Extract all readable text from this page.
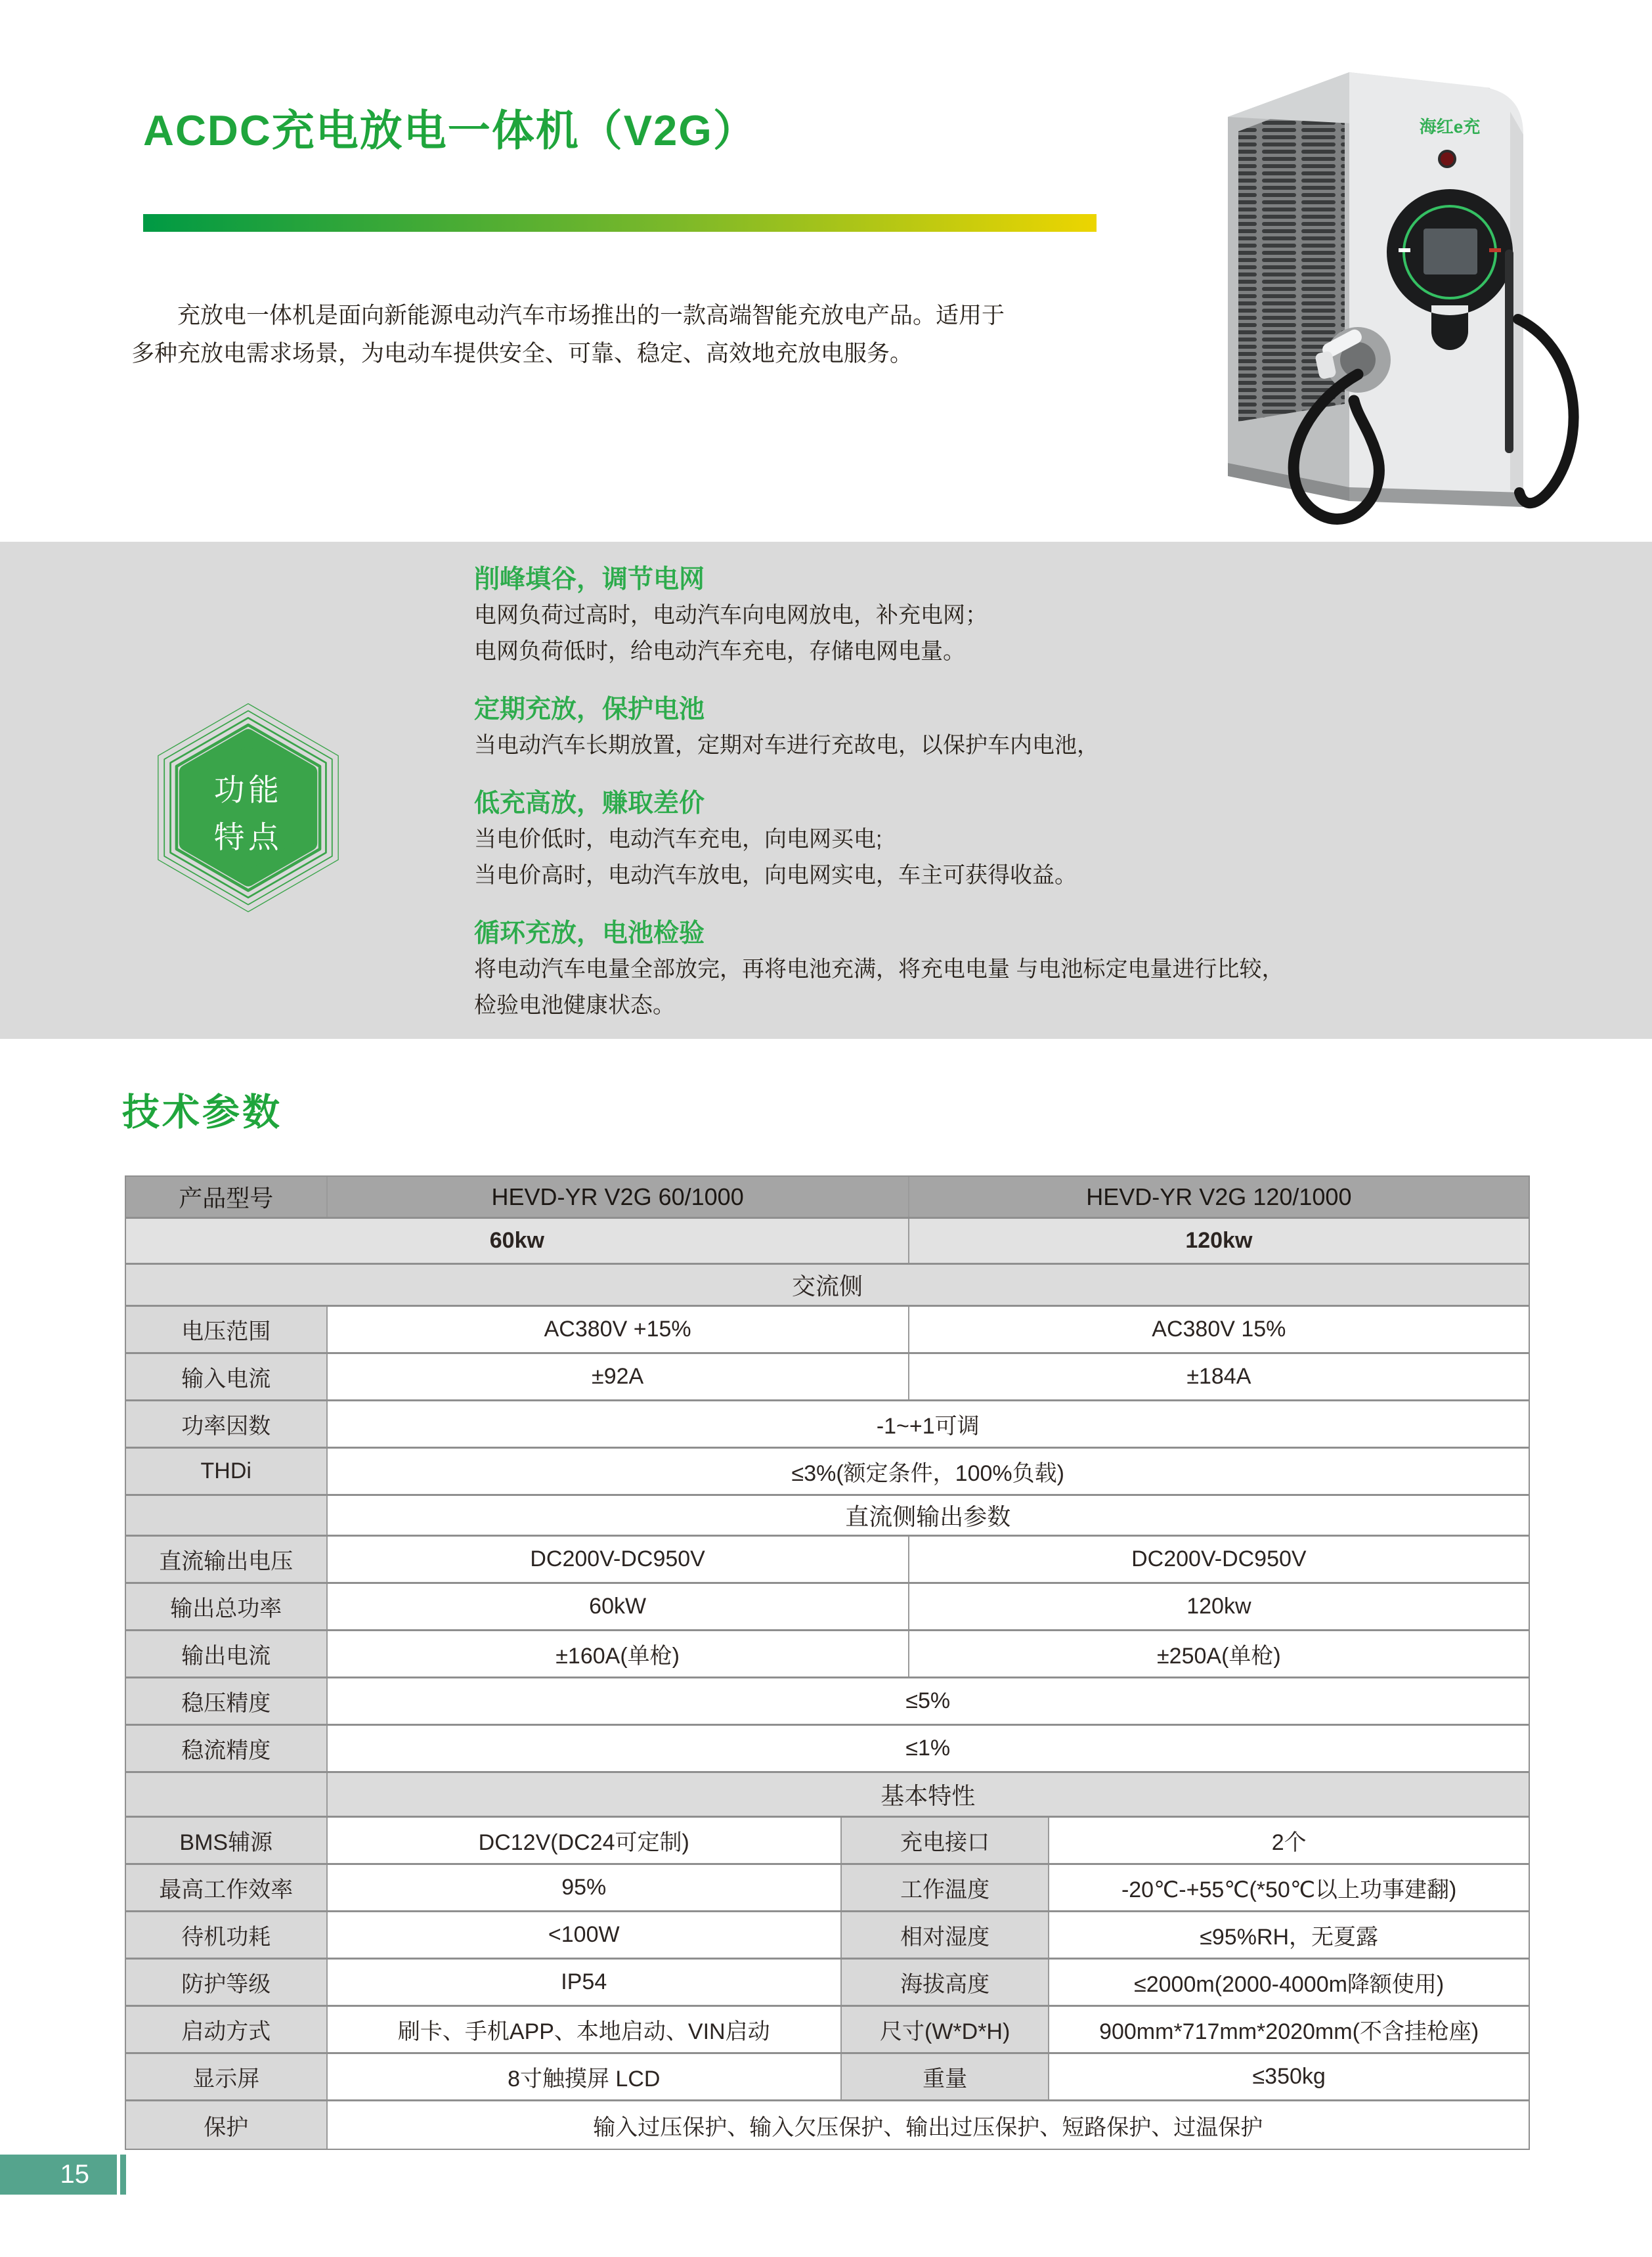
ACDC充电放电一体机（V2G）
充放电一体机是面向新能源电动汽车市场推出的一款高端智能充放电产品。适用于
多种充放电需求场景，为电动车提供安全、可靠、稳定、高效地充放电服务。
海红e充
功能
特点
削峰填谷，调节电网
电网负荷过高时，电动汽车向电网放电，补充电网；
电网负荷低时，给电动汽车充电，存储电网电量。
定期充放，保护电池
当电动汽车长期放置，定期对车进行充故电，以保护车内电池，
低充高放，赚取差价
当电价低时，电动汽车充电，向电网买电;
当电价高时，电动汽车放电，向电网实电，车主可获得收益。
循环充放，电池检验
将电动汽车电量全部放完，再将电池充满，将充电电量 与电池标定电量进行比较，
检验电池健康状态。
技术参数
产品型号	HEVD-YR V2G 60/1000	HEVD-YR V2G 120/1000
60kw	120kw
交流侧
电压范围	AC380V +15%	AC380V 15%
输入电流	±92A	±184A
功率因数	-1~+1可调
THDi	≤3%(额定条件，100%负载)
直流侧输出参数
直流输出电压	DC200V-DC950V	DC200V-DC950V
输出总功率	60kW	120kw
输出电流	±160A(单枪)	±250A(单枪)
稳压精度	≤5%
稳流精度	≤1%
基本特性
BMS辅源	DC12V(DC24可定制)	充电接口	2个
最高工作效率	95%	工作温度	-20℃-+55℃(*50℃以上功事建翻)
待机功耗	<100W	相对湿度	≤95%RH，无夏露
防护等级	IP54	海拔高度	≤2000m(2000-4000m降额使用)
启动方式	刷卡、手机APP、本地启动、VIN启动	尺寸(W*D*H)	900mm*717mm*2020mm(不含挂枪座)
显示屏	8寸触摸屏 LCD	重量	≤350kg
保护	输入过压保护、输入欠压保护、输出过压保护、短路保护、过温保护
15
